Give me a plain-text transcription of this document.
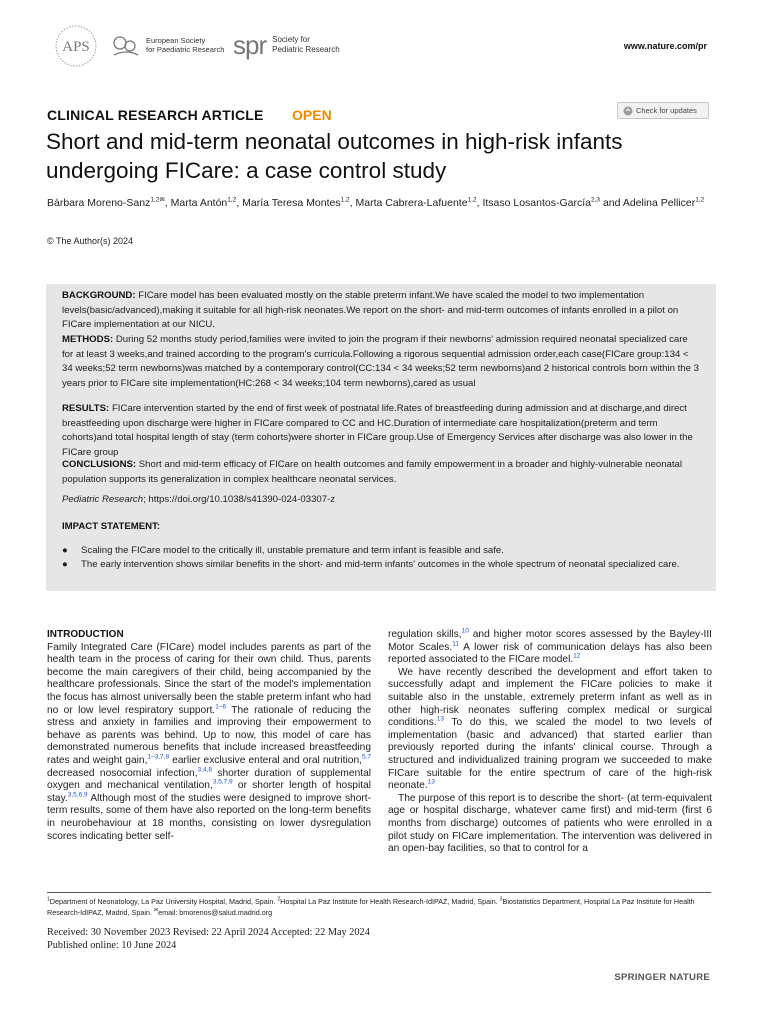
APS	European Society
for Paediatric Research spr Society for
Pediatric Research	www.nature.com/pr
CLINICAL RESEARCH ARTICLE OPEN	Check for updates
Short and mid-term neonatal outcomes in high-risk infants undergoing FICare: a case control study
Bárbara Moreno-Sanz$^{1,2✉}$, Marta Antón$^{1,2}$, María Teresa Montes$^{1,2}$, Marta Cabrera-Lafuente$^{1,2}$, Itsaso Losantos-García$^{2,3}$ and Adelina Pellicer$^{1,2}$
© The Author(s) 2024

BACKGROUND: FICare model has been evaluated mostly on the stable preterm infant.We have scaled the model to two implementation levels(basic/advanced),making it suitable for all high-risk neonates.We report on the short- and mid-term outcomes of infants enrolled in a pilot on FICare implementation at our NICU.

METHODS: During 52 months study period,families were invited to join the program if their newborns' admission required neonatal specialized care for at least 3 weeks,and trained according to the program's curricula.Following a rigorous sequential admission order,each case(FICare group:134 < 34 weeks;52 term newborns)was matched by a contemporary control(CC:134 < 34 weeks;52 term newborns)and 2 historical controls born within the 3 years prior to FICare site implementation(HC:268 < 34 weeks;104 term newborns),cared as usual

RESULTS: FICare intervention started by the end of first week of postnatal life.Rates of breastfeeding during admission and at discharge,and direct breastfeeding upon discharge were higher in FICare compared to CC and HC.Duration of intermediate care hospitalization(preterm and term cohorts)and total hospital length of stay (term cohorts)were shorter in FICare group.Use of Emergency Services after discharge was also lower in the FICare group

CONCLUSIONS: Short and mid-term efficacy of FICare on health outcomes and family empowerment in a broader and highly-vulnerable neonatal population supports its generalization in complex healthcare neonatal services.

Pediatric Research; https://doi.org/10.1038/s41390-024-03307-z

IMPACT STATEMENT:
● Scaling the FICare model to the critically ill, unstable premature and term infant is feasible and safe.
● The early intervention shows similar benefits in the short- and mid-term infants' outcomes in the whole spectrum of neonatal specialized care.

INTRODUCTION

Family Integrated Care (FICare) model includes parents as part of the health team in the process of caring for their own child. Thus, parents become the main caregivers of their child, being accompanied by the healthcare professionals. Since the start of the model's implementation the focus has almost universally been the stable preterm infant who had no or low level respiratory support.$^{1-6}$ The rationale of reducing the stress and anxiety in families and improving their empowerment to behave as parents was behind. Up to now, this model of care has demonstrated numerous benefits that include increased breastfeeding rates and weight gain,$^{1-3,7,8}$ earlier exclusive enteral and oral nutrition,$^{5,7}$ decreased nosocomial infection,$^{3,4,8}$ shorter duration of supplemental oxygen and mechanical ventilation,$^{3,5,7,9}$ or shorter length of hospital stay.$^{3,5,6,9}$ Although most of the studies were designed to improve short-term results, some of them have also reported on the long-term benefits in neurobehaviour at 18 months, consisting on lower dysregulation scores indicating better self-

regulation skills,$^{10}$ and higher motor scores assessed by the Bayley-III Motor Scales.$^{11}$ A lower risk of communication delays has also been reported associated to the FICare model.$^{12}$

We have recently described the development and effort taken to successfully adapt and implement the FICare policies to make it suitable also in the unstable, extremely preterm infant as well as in other high-risk neonates suffering complex medical or surgical conditions.$^{13}$ To do this, we scaled the model to two levels of implementation (basic and advanced) that started earlier than previously reported during the infants' clinical course. Through a structured and individualized training program we succeeded to make FICare suitable for the entire spectrum of care of the high-risk neonate.$^{13}$

The purpose of this report is to describe the short- (at term-equivalent age or hospital discharge, whatever came first) and mid-term (first 6 months from discharge) outcomes of patients who were enrolled in a pilot study on FICare implementation. The intervention was delivered in an open-bay facilities, so that to control for a

$^1$Department of Neonatology, La Paz University Hospital, Madrid, Spain. $^2$Hospital La Paz Institute for Health Research-IdIPAZ, Madrid, Spain. $^3$Biostatistics Department, Hospital La Paz Institute for Health Research-IdIPAZ, Madrid, Spain. ✉email: bmorenos@salud.madrid.org
Received: 30 November 2023 Revised: 22 April 2024 Accepted: 22 May 2024
Published online: 10 June 2024
SPRINGER NATURE
